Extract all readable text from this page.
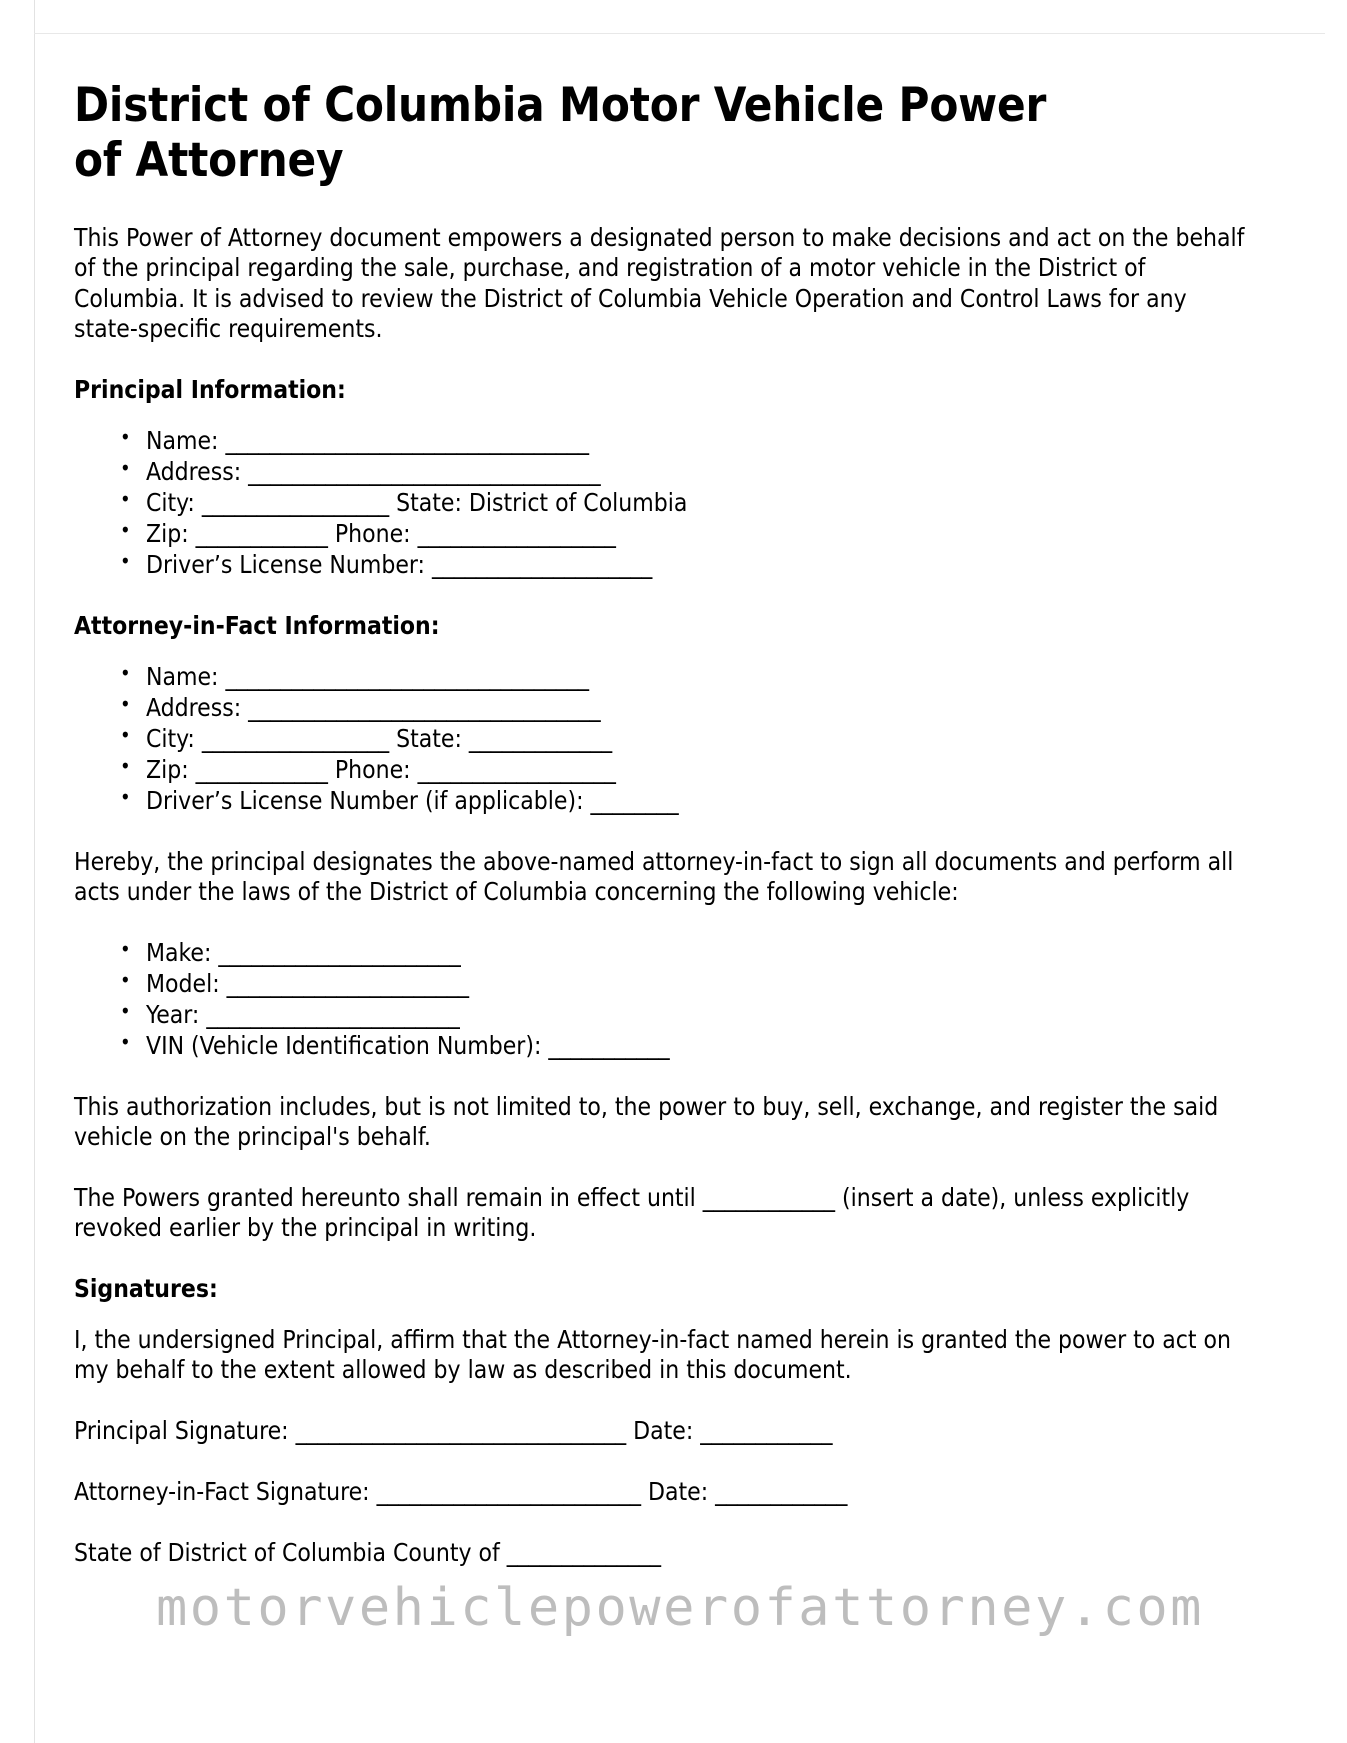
District of Columbia Motor Vehicle Power of Attorney

This Power of Attorney document empowers a designated person to make decisions and act on the behalf of the principal regarding the sale, purchase, and registration of a motor vehicle in the District of Columbia. It is advised to review the District of Columbia Vehicle Operation and Control Laws for any state-specific requirements.

Principal Information:
• Name: _________________________________
• Address: ________________________________
• City: _________________ State: District of Columbia
• Zip: ____________ Phone: __________________
• Driver’s License Number: ____________________
Attorney-in-Fact Information:
• Name: _________________________________
• Address: ________________________________
• City: _________________ State: _____________
• Zip: ____________ Phone: __________________
• Driver’s License Number (if applicable): ________

Hereby, the principal designates the above-named attorney-in-fact to sign all documents and perform all acts under the laws of the District of Columbia concerning the following vehicle:

• Make: ______________________
• Model: ______________________
• Year: _______________________
• VIN (Vehicle Identification Number): ___________

This authorization includes, but is not limited to, the power to buy, sell, exchange, and register the said vehicle on the principal's behalf.

The Powers granted hereunto shall remain in effect until ____________ (insert a date), unless explicitly revoked earlier by the principal in writing.

Signatures:

I, the undersigned Principal, affirm that the Attorney-in-fact named herein is granted the power to act on my behalf to the extent allowed by law as described in this document.

Principal Signature: ______________________________ Date: ____________
Attorney-in-Fact Signature: ________________________ Date: ____________
State of District of Columbia County of ______________
motorvehiclepowerofattorney.com
